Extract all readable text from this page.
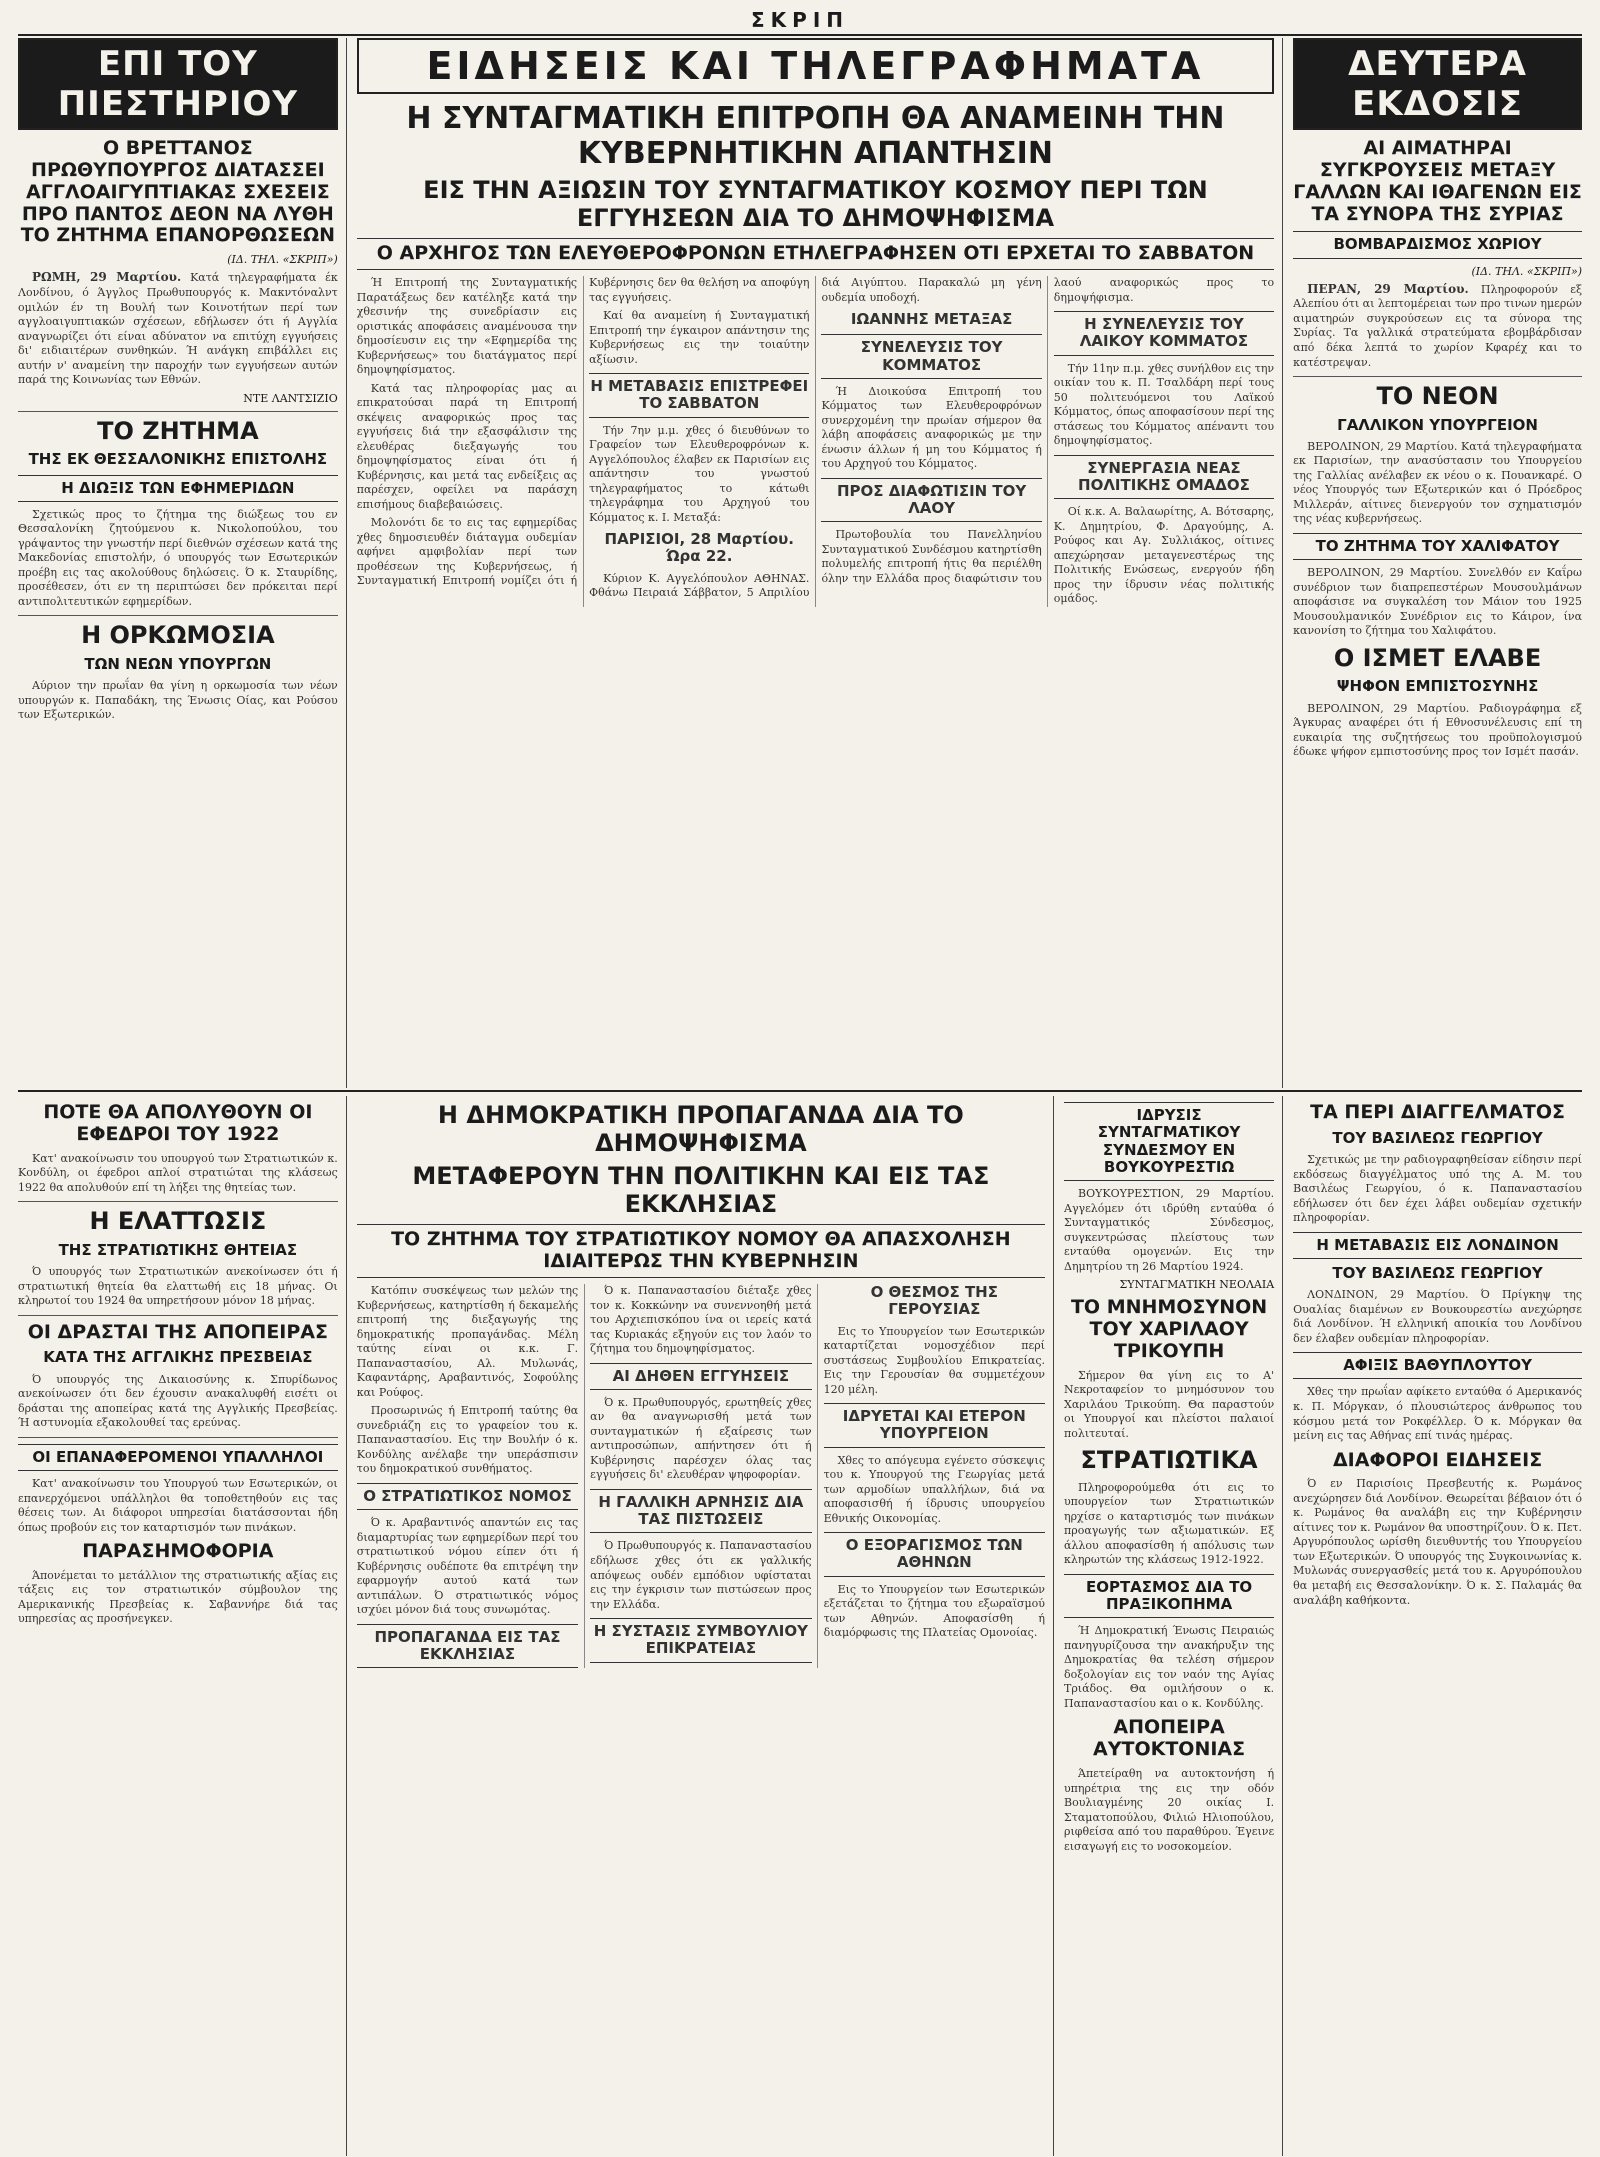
ΣΚΡΙΠ
ΕΠΙ ΤΟΥ ΠΙΕΣΤΗΡΙΟΥ
Ο ΒΡΕΤΤΑΝΟΣ ΠΡΩΘΥΠΟΥΡΓΟΣ ΔΙΑΤΑΣΣΕΙ ΑΓΓΛΟΑΙΓΥΠΤΙΑΚΑΣ ΣΧΕΣΕΙΣ ΠΡΟ ΠΑΝΤΟΣ ΔΕΟΝ ΝΑ ΛΥΘΗ ΤΟ ΖΗΤΗΜΑ ΕΠΑΝΟΡΘΩΣΕΩΝ
(ΙΔ. ΤΗΛ. «ΣΚΡΙΠ»)

ΡΩΜΗ, 29 Μαρτίου. Κατά τηλεγραφήματα έκ Λονδίνου, ό Άγγλος Πρωθυπουργός κ. Μακντόναλντ ομιλών έν τη Βουλή των Κοινοτήτων περί των αγγλοαιγυπτιακών σχέσεων, εδήλωσεν ότι ή Αγγλία αναγνωρίζει ότι είναι αδύνατον να επιτύχη εγγυήσεις δι' ειδιαιτέρων συνθηκών. Ή ανάγκη επιβάλλει εις αυτήν ν' αναμείνη την παροχήν των εγγυήσεων αυτών παρά της Κοινωνίας των Εθνών.

ΝΤΕ ΛΑΝΤΣΙΖΙΟ
ΤΟ ΖΗΤΗΜΑ
ΤΗΣ ΕΚ ΘΕΣΣΑΛΟΝΙΚΗΣ ΕΠΙΣΤΟΛΗΣ
Η ΔΙΩΞΙΣ ΤΩΝ ΕΦΗΜΕΡΙΔΩΝ

Σχετικώς προς το ζήτημα της διώξεως του εν Θεσσαλονίκη ζητούμενου κ. Νικολοπούλου, του γράψαντος την γνωστήν περί διεθνών σχέσεων κατά της Μακεδονίας επιστολήν, ό υπουργός των Εσωτερικών προέβη εις τας ακολούθους δηλώσεις. Ό κ. Σταυρίδης, προσέθεσεν, ότι εν τη περιπτώσει δεν πρόκειται περί αντιπολιτευτικών εφημερίδων.

Η ΟΡΚΩΜΟΣΙΑ
ΤΩΝ ΝΕΩΝ ΥΠΟΥΡΓΩΝ

Αύριον την πρωΐαν θα γίνη η ορκωμοσία των νέων υπουργών κ. Παπαδάκη, της Ένωσις Οίας, και Ρούσου των Εξωτερικών.

ΕΙΔΗΣΕΙΣ ΚΑΙ ΤΗΛΕΓΡΑΦΗΜΑΤΑ
Η ΣΥΝΤΑΓΜΑΤΙΚΗ ΕΠΙΤΡΟΠΗ ΘΑ ΑΝΑΜΕΙΝΗ ΤΗΝ ΚΥΒΕΡΝΗΤΙΚΗΝ ΑΠΑΝΤΗΣΙΝ
ΕΙΣ ΤΗΝ ΑΞΙΩΣΙΝ ΤΟΥ ΣΥΝΤΑΓΜΑΤΙΚΟΥ ΚΟΣΜΟΥ ΠΕΡΙ ΤΩΝ ΕΓΓΥΗΣΕΩΝ ΔΙΑ ΤΟ ΔΗΜΟΨΗΦΙΣΜΑ
Ο ΑΡΧΗΓΟΣ ΤΩΝ ΕΛΕΥΘΕΡΟΦΡΟΝΩΝ ΕΤΗΛΕΓΡΑΦΗΣΕΝ ΟΤΙ ΕΡΧΕΤΑΙ ΤΟ ΣΑΒΒΑΤΟΝ

Ή Επιτροπή της Συνταγματικής Παρατάξεως δεν κατέληξε κατά την χθεσινήν της συνεδρίασιν εις οριστικάς αποφάσεις αναμένουσα την δημοσίευσιν εις την «Εφημερίδα της Κυβερνήσεως» του διατάγματος περί δημοψηφίσματος.

Κατά τας πληροφορίας μας αι επικρατούσαι παρά τη Επιτροπή σκέψεις αναφορικώς προς τας εγγυήσεις διά την εξασφάλισιν της ελευθέρας διεξαγωγής του δημοψηφίσματος είναι ότι ή Κυβέρνησις, και μετά τας ενδείξεις ας παρέσχεν, οφείλει να παράσχη επισήμους διαβεβαιώσεις.

Μολονότι δε το εις τας εφημερίδας χθες δημοσιευθέν διάταγμα ουδεμίαν αφήνει αμφιβολίαν περί των προθέσεων της Κυβερνήσεως, ή Συνταγματική Επιτροπή νομίζει ότι ή Κυβέρνησις δεν θα θελήση να αποφύγη τας εγγυήσεις.

Καί θα αναμείνη ή Συνταγματική Επιτροπή την έγκαιρον απάντησιν της Κυβερνήσεως εις την τοιαύτην αξίωσιν.

Η ΜΕΤΑΒΑΣΙΣ ΕΠΙΣΤΡΕΦΕΙ ΤΟ ΣΑΒΒΑΤΟΝ

Τήν 7ην μ.μ. χθες ό διευθύνων το Γραφείον των Ελευθεροφρόνων κ. Αγγελόπουλος έλαβεν εκ Παρισίων εις απάντησιν του γνωστού τηλεγραφήματος το κάτωθι τηλεγράφημα του Αρχηγού του Κόμματος κ. Ι. Μεταξά:

ΠΑΡΙΣΙΟΙ, 28 Μαρτίου. Ώρα 22.

Κύριον Κ. Αγγελόπουλον ΑΘΗΝΑΣ. Φθάνω Πειραιά Σάββατον, 5 Απριλίου διά Αιγύπτου. Παρακαλώ μη γένη ουδεμία υποδοχή.

ΙΩΑΝΝΗΣ ΜΕΤΑΞΑΣ
ΣΥΝΕΛΕΥΣΙΣ ΤΟΥ ΚΟΜΜΑΤΟΣ

Ή Διοικούσα Επιτροπή του Κόμματος των Ελευθεροφρόνων συνερχομένη την πρωίαν σήμερον θα λάβη αποφάσεις αναφορικώς με την ένωσιν άλλων ή μη του Κόμματος ή του Αρχηγού του Κόμματος.

ΠΡΟΣ ΔΙΑΦΩΤΙΣΙΝ ΤΟΥ ΛΑΟΥ

Πρωτοβουλία του Πανελληνίου Συνταγματικού Συνδέσμου κατηρτίσθη πολυμελής επιτροπή ήτις θα περιέλθη όλην την Ελλάδα προς διαφώτισιν του λαού αναφορικώς προς το δημοψήφισμα.

Η ΣΥΝΕΛΕΥΣΙΣ ΤΟΥ ΛΑΙΚΟΥ ΚΟΜΜΑΤΟΣ

Τήν 11ην π.μ. χθες συνήλθον εις την οικίαν του κ. Π. Τσαλδάρη περί τους 50 πολιτευόμενοι του Λαϊκού Κόμματος, όπως αποφασίσουν περί της στάσεως του Κόμματος απέναντι του δημοψηφίσματος.

ΣΥΝΕΡΓΑΣΙΑ ΝΕΑΣ ΠΟΛΙΤΙΚΗΣ ΟΜΑΔΟΣ

Οί κ.κ. Α. Βαλαωρίτης, Α. Βότσαρης, Κ. Δημητρίου, Φ. Δραγούμης, Α. Ρούφος και Αγ. Συλλιάκος, οίτινες απεχώρησαν μεταγενεστέρως της Πολιτικής Ενώσεως, ενεργούν ήδη προς την ίδρυσιν νέας πολιτικής ομάδος.

ΔΕΥΤΕΡΑ ΕΚΔΟΣΙΣ
ΑΙ ΑΙΜΑΤΗΡΑΙ ΣΥΓΚΡΟΥΣΕΙΣ ΜΕΤΑΞΥ ΓΑΛΛΩΝ ΚΑΙ ΙΘΑΓΕΝΩΝ ΕΙΣ ΤΑ ΣΥΝΟΡΑ ΤΗΣ ΣΥΡΙΑΣ
ΒΟΜΒΑΡΔΙΣΜΟΣ ΧΩΡΙΟΥ
(ΙΔ. ΤΗΛ. «ΣΚΡΙΠ»)

ΠΕΡΑΝ, 29 Μαρτίου. Πληροφορούν εξ Αλεπίου ότι αι λεπτομέρειαι των προ τινων ημερών αιματηρών συγκρούσεων εις τα σύνορα της Συρίας. Τα γαλλικά στρατεύματα εβομβάρδισαν από δέκα λεπτά το χωρίον Κφαρέχ και το κατέστρεψαν.

ΤΟ ΝΕΟΝ
ΓΑΛΛΙΚΟΝ ΥΠΟΥΡΓΕΙΟΝ

ΒΕΡΟΛΙΝΟΝ, 29 Μαρτίου. Κατά τηλεγραφήματα εκ Παρισίων, την ανασύστασιν του Υπουργείου της Γαλλίας ανέλαβεν εκ νέου ο κ. Πουανκαρέ. Ο νέος Υπουργός των Εξωτερικών και ό Πρόεδρος Μιλλεράν, αίτινες διενεργούν τον σχηματισμόν της νέας κυβερνήσεως.

ΤΟ ΖΗΤΗΜΑ ΤΟΥ ΧΑΛΙΦΑΤΟΥ

ΒΕΡΟΛΙΝΟΝ, 29 Μαρτίου. Συνελθόν εν Καΐρω συνέδριον των διαπρεπεστέρων Μουσουλμάνων αποφάσισε να συγκαλέση τον Μάιον του 1925 Μουσουλμανικόν Συνέδριον εις το Κάιρον, ίνα κανονίση το ζήτημα του Χαλιφάτου.

Ο ΙΣΜΕΤ ΕΛΑΒΕ
ΨΗΦΟΝ ΕΜΠΙΣΤΟΣΥΝΗΣ

ΒΕΡΟΛΙΝΟΝ, 29 Μαρτίου. Ραδιογράφημα εξ Άγκυρας αναφέρει ότι ή Εθνοσυνέλευσις επί τη ευκαιρία της συζητήσεως του προϋπολογισμού έδωκε ψήφον εμπιστοσύνης προς τον Ισμέτ πασάν.

ΠΟΤΕ ΘΑ ΑΠΟΛΥΘΟΥΝ ΟΙ ΕΦΕΔΡΟΙ ΤΟΥ 1922

Κατ' ανακοίνωσιν του υπουργού των Στρατιωτικών κ. Κονδύλη, οι έφεδροι απλοί στρατιώται της κλάσεως 1922 θα απολυθούν επί τη λήξει της θητείας των.

Η ΕΛΑΤΤΩΣΙΣ
ΤΗΣ ΣΤΡΑΤΙΩΤΙΚΗΣ ΘΗΤΕΙΑΣ

Ό υπουργός των Στρατιωτικών ανεκοίνωσεν ότι ή στρατιωτική θητεία θα ελαττωθή εις 18 μήνας. Οι κληρωτοί του 1924 θα υπηρετήσουν μόνον 18 μήνας.

ΟΙ ΔΡΑΣΤΑΙ ΤΗΣ ΑΠΟΠΕΙΡΑΣ
ΚΑΤΑ ΤΗΣ ΑΓΓΛΙΚΗΣ ΠΡΕΣΒΕΙΑΣ

Ό υπουργός της Δικαιοσύνης κ. Σπυρίδωνος ανεκοίνωσεν ότι δεν έχουσιν ανακαλυφθή εισέτι οι δράσται της αποπείρας κατά της Αγγλικής Πρεσβείας. Ή αστυνομία εξακολουθεί τας ερεύνας.

ΟΙ ΕΠΑΝΑΦΕΡΟΜΕΝΟΙ ΥΠΑΛΛΗΛΟΙ

Κατ' ανακοίνωσιν του Υπουργού των Εσωτερικών, οι επανερχόμενοι υπάλληλοι θα τοποθετηθούν εις τας θέσεις των. Αι διάφοροι υπηρεσίαι διατάσσονται ήδη όπως προβούν εις τον καταρτισμόν των πινάκων.

ΠΑΡΑΣΗΜΟΦΟΡΙΑ

Άπονέμεται το μετάλλιον της στρατιωτικής αξίας εις τάξεις εις τον στρατιωτικόν σύμβουλον της Αμερικανικής Πρεσβείας κ. Σαβαννήρε διά τας υπηρεσίας ας προσήνεγκεν.

Η ΔΗΜΟΚΡΑΤΙΚΗ ΠΡΟΠΑΓΑΝΔΑ ΔΙΑ ΤΟ ΔΗΜΟΨΗΦΙΣΜΑ
ΜΕΤΑΦΕΡΟΥΝ ΤΗΝ ΠΟΛΙΤΙΚΗΝ ΚΑΙ ΕΙΣ ΤΑΣ ΕΚΚΛΗΣΙΑΣ
ΤΟ ΖΗΤΗΜΑ ΤΟΥ ΣΤΡΑΤΙΩΤΙΚΟΥ ΝΟΜΟΥ ΘΑ ΑΠΑΣΧΟΛΗΣΗ ΙΔΙΑΙΤΕΡΩΣ ΤΗΝ ΚΥΒΕΡΝΗΣΙΝ

Κατόπιν συσκέψεως των μελών της Κυβερνήσεως, κατηρτίσθη ή δεκαμελής επιτροπή της διεξαγωγής της δημοκρατικής προπαγάνδας. Μέλη ταύτης είναι οι κ.κ. Γ. Παπαναστασίου, Αλ. Μυλωνάς, Καφαντάρης, Αραβαντινός, Σοφούλης και Ρούφος.

Προσωρινώς ή Επιτροπή ταύτης θα συνεδριάζη εις το γραφείον του κ. Παπαναστασίου. Εις την Βουλήν ό κ. Κονδύλης ανέλαβε την υπεράσπισιν του δημοκρατικού συνθήματος.

Ο ΣΤΡΑΤΙΩΤΙΚΟΣ ΝΟΜΟΣ

Ό κ. Αραβαντινός απαντών εις τας διαμαρτυρίας των εφημερίδων περί του στρατιωτικού νόμου είπεν ότι ή Κυβέρνησις ουδέποτε θα επιτρέψη την εφαρμογήν αυτού κατά των αντιπάλων. Ό στρατιωτικός νόμος ισχύει μόνον διά τους συνωμότας.

ΠΡΟΠΑΓΑΝΔΑ ΕΙΣ ΤΑΣ ΕΚΚΛΗΣΙΑΣ

Ό κ. Παπαναστασίου διέταξε χθες τον κ. Κοκκώνην να συνεννοηθή μετά του Αρχιεπισκόπου ίνα οι ιερείς κατά τας Κυριακάς εξηγούν εις τον λαόν το ζήτημα του δημοψηφίσματος.

ΑΙ ΔΗΘΕΝ ΕΓΓΥΗΣΕΙΣ

Ό κ. Πρωθυπουργός, ερωτηθείς χθες αν θα αναγνωρισθή μετά των συνταγματικών ή εξαίρεσις των αντιπροσώπων, απήντησεν ότι ή Κυβέρνησις παρέσχεν όλας τας εγγυήσεις δι' ελευθέραν ψηφοφορίαν.

Η ΓΑΛΛΙΚΗ ΑΡΝΗΣΙΣ ΔΙΑ ΤΑΣ ΠΙΣΤΩΣΕΙΣ

Ό Πρωθυπουργός κ. Παπαναστασίου εδήλωσε χθες ότι εκ γαλλικής απόψεως ουδέν εμπόδιον υφίσταται εις την έγκρισιν των πιστώσεων προς την Ελλάδα.

Η ΣΥΣΤΑΣΙΣ ΣΥΜΒΟΥΛΙΟΥ ΕΠΙΚΡΑΤΕΙΑΣ
Ο ΘΕΣΜΟΣ ΤΗΣ ΓΕΡΟΥΣΙΑΣ

Εις το Υπουργείον των Εσωτερικών καταρτίζεται νομοσχέδιον περί συστάσεως Συμβουλίου Επικρατείας. Εις την Γερουσίαν θα συμμετέχουν 120 μέλη.

ΙΔΡΥΕΤΑΙ ΚΑΙ ΕΤΕΡΟΝ ΥΠΟΥΡΓΕΙΟΝ

Χθες το απόγευμα εγένετο σύσκεψις του κ. Υπουργού της Γεωργίας μετά των αρμοδίων υπαλλήλων, διά να αποφασισθή ή ίδρυσις υπουργείου Εθνικής Οικονομίας.

Ο ΕΞΟΡΑΓΙΣΜΟΣ ΤΩΝ ΑΘΗΝΩΝ

Εις το Υπουργείον των Εσωτερικών εξετάζεται το ζήτημα του εξωραϊσμού των Αθηνών. Αποφασίσθη ή διαμόρφωσις της Πλατείας Ομονοίας.

ΙΔΡΥΣΙΣ ΣΥΝΤΑΓΜΑΤΙΚΟΥ ΣΥΝΔΕΣΜΟΥ ΕΝ ΒΟΥΚΟΥΡΕΣΤΙΩ

ΒΟΥΚΟΥΡΕΣΤΙΟΝ, 29 Μαρτίου. Αγγελόμεν ότι ιδρύθη ενταύθα ό Συνταγματικός Σύνδεσμος, συγκεντρώσας πλείστους των ενταύθα ομογενών. Εις την Δημητρίου τη 26 Μαρτίου 1924.

ΣΥΝΤΑΓΜΑΤΙΚΗ ΝΕΟΛΑΙΑ
ΤΟ ΜΝΗΜΟΣΥΝΟΝ ΤΟΥ ΧΑΡΙΛΑΟΥ ΤΡΙΚΟΥΠΗ

Σήμερον θα γίνη εις το Α' Νεκροταφείον το μνημόσυνον του Χαριλάου Τρικούπη. Θα παραστούν οι Υπουργοί και πλείστοι παλαιοί πολιτευταί.

ΣΤΡΑΤΙΩΤΙΚΑ

Πληροφορούμεθα ότι εις το υπουργείον των Στρατιωτικών ηρχίσε ο καταρτισμός των πινάκων προαγωγής των αξιωματικών. Εξ άλλου αποφασίσθη ή απόλυσις των κληρωτών της κλάσεως 1912-1922.

ΕΟΡΤΑΣΜΟΣ ΔΙΑ ΤΟ ΠΡΑΞΙΚΟΠΗΜΑ

Ή Δημοκρατική Ένωσις Πειραιώς πανηγυρίζουσα την ανακήρυξιν της Δημοκρατίας θα τελέση σήμερον δοξολογίαν εις τον ναόν της Αγίας Τριάδος. Θα ομιλήσουν ο κ. Παπαναστασίου και ο κ. Κονδύλης.

ΑΠΟΠΕΙΡΑ ΑΥΤΟΚΤΟΝΙΑΣ

Άπετείραθη να αυτοκτονήση ή υπηρέτρια της εις την οδόν Βουλιαγμένης 20 οικίας Ι. Σταματοπούλου, Φιλιώ Ηλιοπούλου, ριφθείσα από του παραθύρου. Έγεινε εισαγωγή εις το νοσοκομείον.

ΤΑ ΠΕΡΙ ΔΙΑΓΓΕΛΜΑΤΟΣ
ΤΟΥ ΒΑΣΙΛΕΩΣ ΓΕΩΡΓΙΟΥ

Σχετικώς με την ραδιογραφηθείσαν είδησιν περί εκδόσεως διαγγέλματος υπό της Α. Μ. του Βασιλέως Γεωργίου, ό κ. Παπαναστασίου εδήλωσεν ότι δεν έχει λάβει ουδεμίαν σχετικήν πληροφορίαν.

Η ΜΕΤΑΒΑΣΙΣ ΕΙΣ ΛΟΝΔΙΝΟΝ
ΤΟΥ ΒΑΣΙΛΕΩΣ ΓΕΩΡΓΙΟΥ

ΛΟΝΔΙΝΟΝ, 29 Μαρτίου. Ό Πρίγκηψ της Ουαλίας διαμένων εν Βουκουρεστίω ανεχώρησε διά Λονδίνον. Ή ελληνική αποικία του Λονδίνου δεν έλαβεν ουδεμίαν πληροφορίαν.

ΑΦΙΞΙΣ ΒΑΘΥΠΛΟΥΤΟΥ

Χθες την πρωΐαν αφίκετο ενταύθα ό Αμερικανός κ. Π. Μόργκαν, ό πλουσιώτερος άνθρωπος του κόσμου μετά τον Ροκφέλλερ. Ό κ. Μόργκαν θα μείνη εις τας Αθήνας επί τινάς ημέρας.

ΔΙΑΦΟΡΟΙ ΕΙΔΗΣΕΙΣ

Ό εν Παρισίοις Πρεσβευτής κ. Ρωμάνος ανεχώρησεν διά Λονδίνον. Θεωρείται βέβαιον ότι ό κ. Ρωμάνος θα αναλάβη εις την Κυβέρνησιν αίτινες τον κ. Ρωμάνον θα υποστηρίζουν. Ό κ. Πετ. Αργυρόπουλος ωρίσθη διευθυντής του Υπουργείου των Εξωτερικών. Ό υπουργός της Συγκοινωνίας κ. Μυλωνάς συνεργασθείς μετά του κ. Αργυρόπουλου θα μεταβή εις Θεσσαλονίκην. Ό κ. Σ. Παλαμάς θα αναλάβη καθήκοντα.
